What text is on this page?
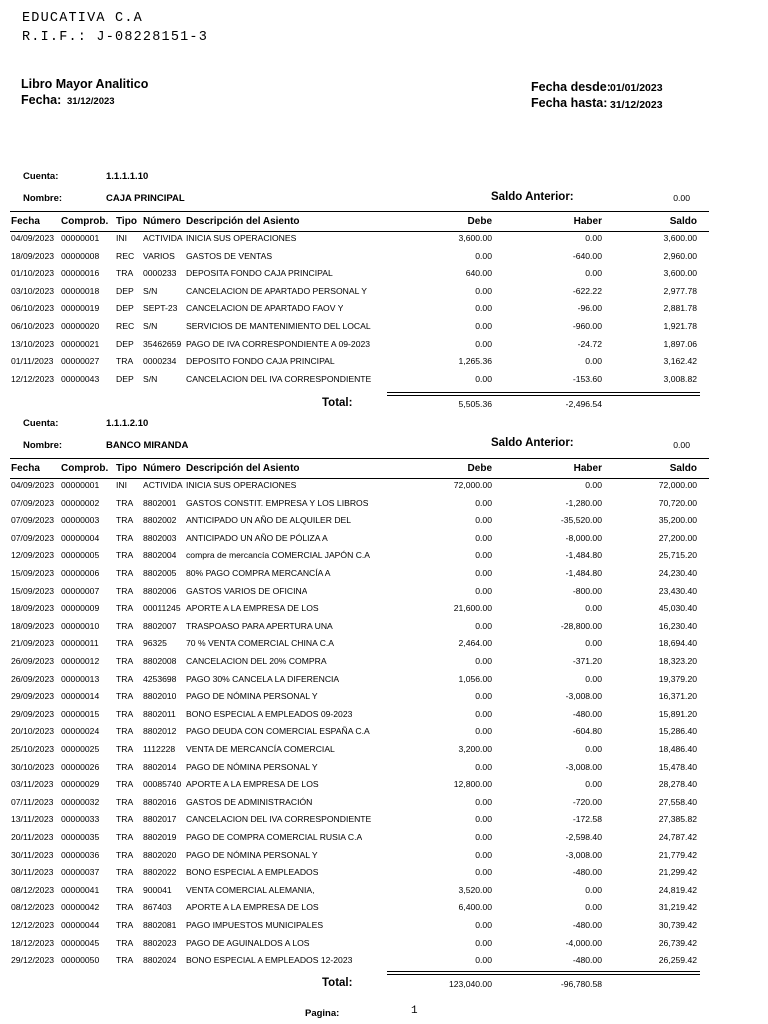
EDUCATIVA C.A
R.I.F.: J-08228151-3
Libro Mayor Analitico
Fecha: 31/12/2023
Fecha desde: 01/01/2023
Fecha hasta: 31/12/2023
Cuenta:	1.1.1.1.10
Nombre:	CAJA PRINCIPAL	Saldo Anterior:	0.00
Fecha Comprob. Tipo Número Descripción del Asiento	Debe	Haber	Saldo
04/09/2023 00000001 INI ACTIVIDA INICIA SUS OPERACIONES	3,600.00	0.00	3,600.00
18/09/2023 00000008 REC VARIOS GASTOS DE VENTAS	0.00	-640.00	2,960.00
01/10/2023 00000016 TRA 0000233 DEPOSITA FONDO CAJA PRINCIPAL	640.00	0.00	3,600.00
03/10/2023 00000018 DEP S/N	CANCELACION DE APARTADO PERSONAL Y	0.00	-622.22	2,977.78
06/10/2023 00000019 DEP SEPT-23 CANCELACION DE APARTADO FAOV Y	0.00	-96.00	2,881.78
06/10/2023 00000020 REC S/N	SERVICIOS DE MANTENIMIENTO DEL LOCAL	0.00	-960.00	1,921.78
13/10/2023 00000021 DEP 35462659 PAGO DE IVA CORRESPONDIENTE A 09-2023	0.00	-24.72	1,897.06
01/11/2023 00000027 TRA 0000234 DEPOSITO FONDO CAJA PRINCIPAL	1,265.36	0.00	3,162.42
12/12/2023 00000043 DEP S/N	CANCELACION DEL IVA CORRESPONDIENTE	0.00	-153.60	3,008.82
Total:	5,505.36	-2,496.54
Cuenta:	1.1.1.2.10
Nombre:	BANCO MIRANDA	Saldo Anterior:	0.00
Fecha Comprob. Tipo Número Descripción del Asiento	Debe	Haber	Saldo
04/09/2023 00000001 INI ACTIVIDA INICIA SUS OPERACIONES	72,000.00	0.00	72,000.00
07/09/2023 00000002 TRA 8802001 GASTOS CONSTIT. EMPRESA Y LOS LIBROS	0.00	-1,280.00	70,720.00
07/09/2023 00000003 TRA 8802002 ANTICIPADO UN AÑO DE ALQUILER DEL	0.00	-35,520.00	35,200.00
07/09/2023 00000004 TRA 8802003 ANTICIPADO UN AÑO DE PÓLIZA A	0.00	-8,000.00	27,200.00
12/09/2023 00000005 TRA 8802004 compra de mercancía COMERCIAL JAPÓN C.A	0.00	-1,484.80	25,715.20
15/09/2023 00000006 TRA 8802005 80% PAGO COMPRA MERCANCÍA A	0.00	-1,484.80	24,230.40
15/09/2023 00000007 TRA 8802006 GASTOS VARIOS DE OFICINA	0.00	-800.00	23,430.40
18/09/2023 00000009 TRA 00011245 APORTE A LA EMPRESA DE LOS	21,600.00	0.00	45,030.40
18/09/2023 00000010 TRA 8802007 TRASPOASO PARA APERTURA UNA	0.00	-28,800.00	16,230.40
21/09/2023 00000011 TRA 96325 70 % VENTA COMERCIAL CHINA C.A	2,464.00	0.00	18,694.40
26/09/2023 00000012 TRA 8802008 CANCELACION DEL 20% COMPRA	0.00	-371.20	18,323.20
26/09/2023 00000013 TRA 4253698 PAGO 30% CANCELA LA DIFERENCIA	1,056.00	0.00	19,379.20
29/09/2023 00000014 TRA 8802010 PAGO DE NÓMINA PERSONAL Y	0.00	-3,008.00	16,371.20
29/09/2023 00000015 TRA 8802011 BONO ESPECIAL A EMPLEADOS 09-2023	0.00	-480.00	15,891.20
20/10/2023 00000024 TRA 8802012 PAGO DEUDA CON COMERCIAL ESPAÑA C.A	0.00	-604.80	15,286.40
25/10/2023 00000025 TRA 1112228 VENTA DE MERCANCÍA COMERCIAL	3,200.00	0.00	18,486.40
30/10/2023 00000026 TRA 8802014 PAGO DE NÓMINA PERSONAL Y	0.00	-3,008.00	15,478.40
03/11/2023 00000029 TRA 00085740 APORTE A LA EMPRESA DE LOS	12,800.00	0.00	28,278.40
07/11/2023 00000032 TRA 8802016 GASTOS DE ADMINISTRACIÓN	0.00	-720.00	27,558.40
13/11/2023 00000033 TRA 8802017 CANCELACION DEL IVA CORRESPONDIENTE	0.00	-172.58	27,385.82
20/11/2023 00000035 TRA 8802019 PAGO DE COMPRA COMERCIAL RUSIA C.A	0.00	-2,598.40	24,787.42
30/11/2023 00000036 TRA 8802020 PAGO DE NÓMINA PERSONAL Y	0.00	-3,008.00	21,779.42
30/11/2023 00000037 TRA 8802022 BONO ESPECIAL A EMPLEADOS	0.00	-480.00	21,299.42
08/12/2023 00000041 TRA 900041 VENTA COMERCIAL ALEMANIA,	3,520.00	0.00	24,819.42
08/12/2023 00000042 TRA 867403 APORTE A LA EMPRESA DE LOS	6,400.00	0.00	31,219.42
12/12/2023 00000044 TRA 8802081 PAGO IMPUESTOS MUNICIPALES	0.00	-480.00	30,739.42
18/12/2023 00000045 TRA 8802023 PAGO DE AGUINALDOS A LOS	0.00	-4,000.00	26,739.42
29/12/2023 00000050 TRA 8802024 BONO ESPECIAL A EMPLEADOS 12-2023	0.00	-480.00	26,259.42
Total:	123,040.00	-96,780.58
Pagina:	1
